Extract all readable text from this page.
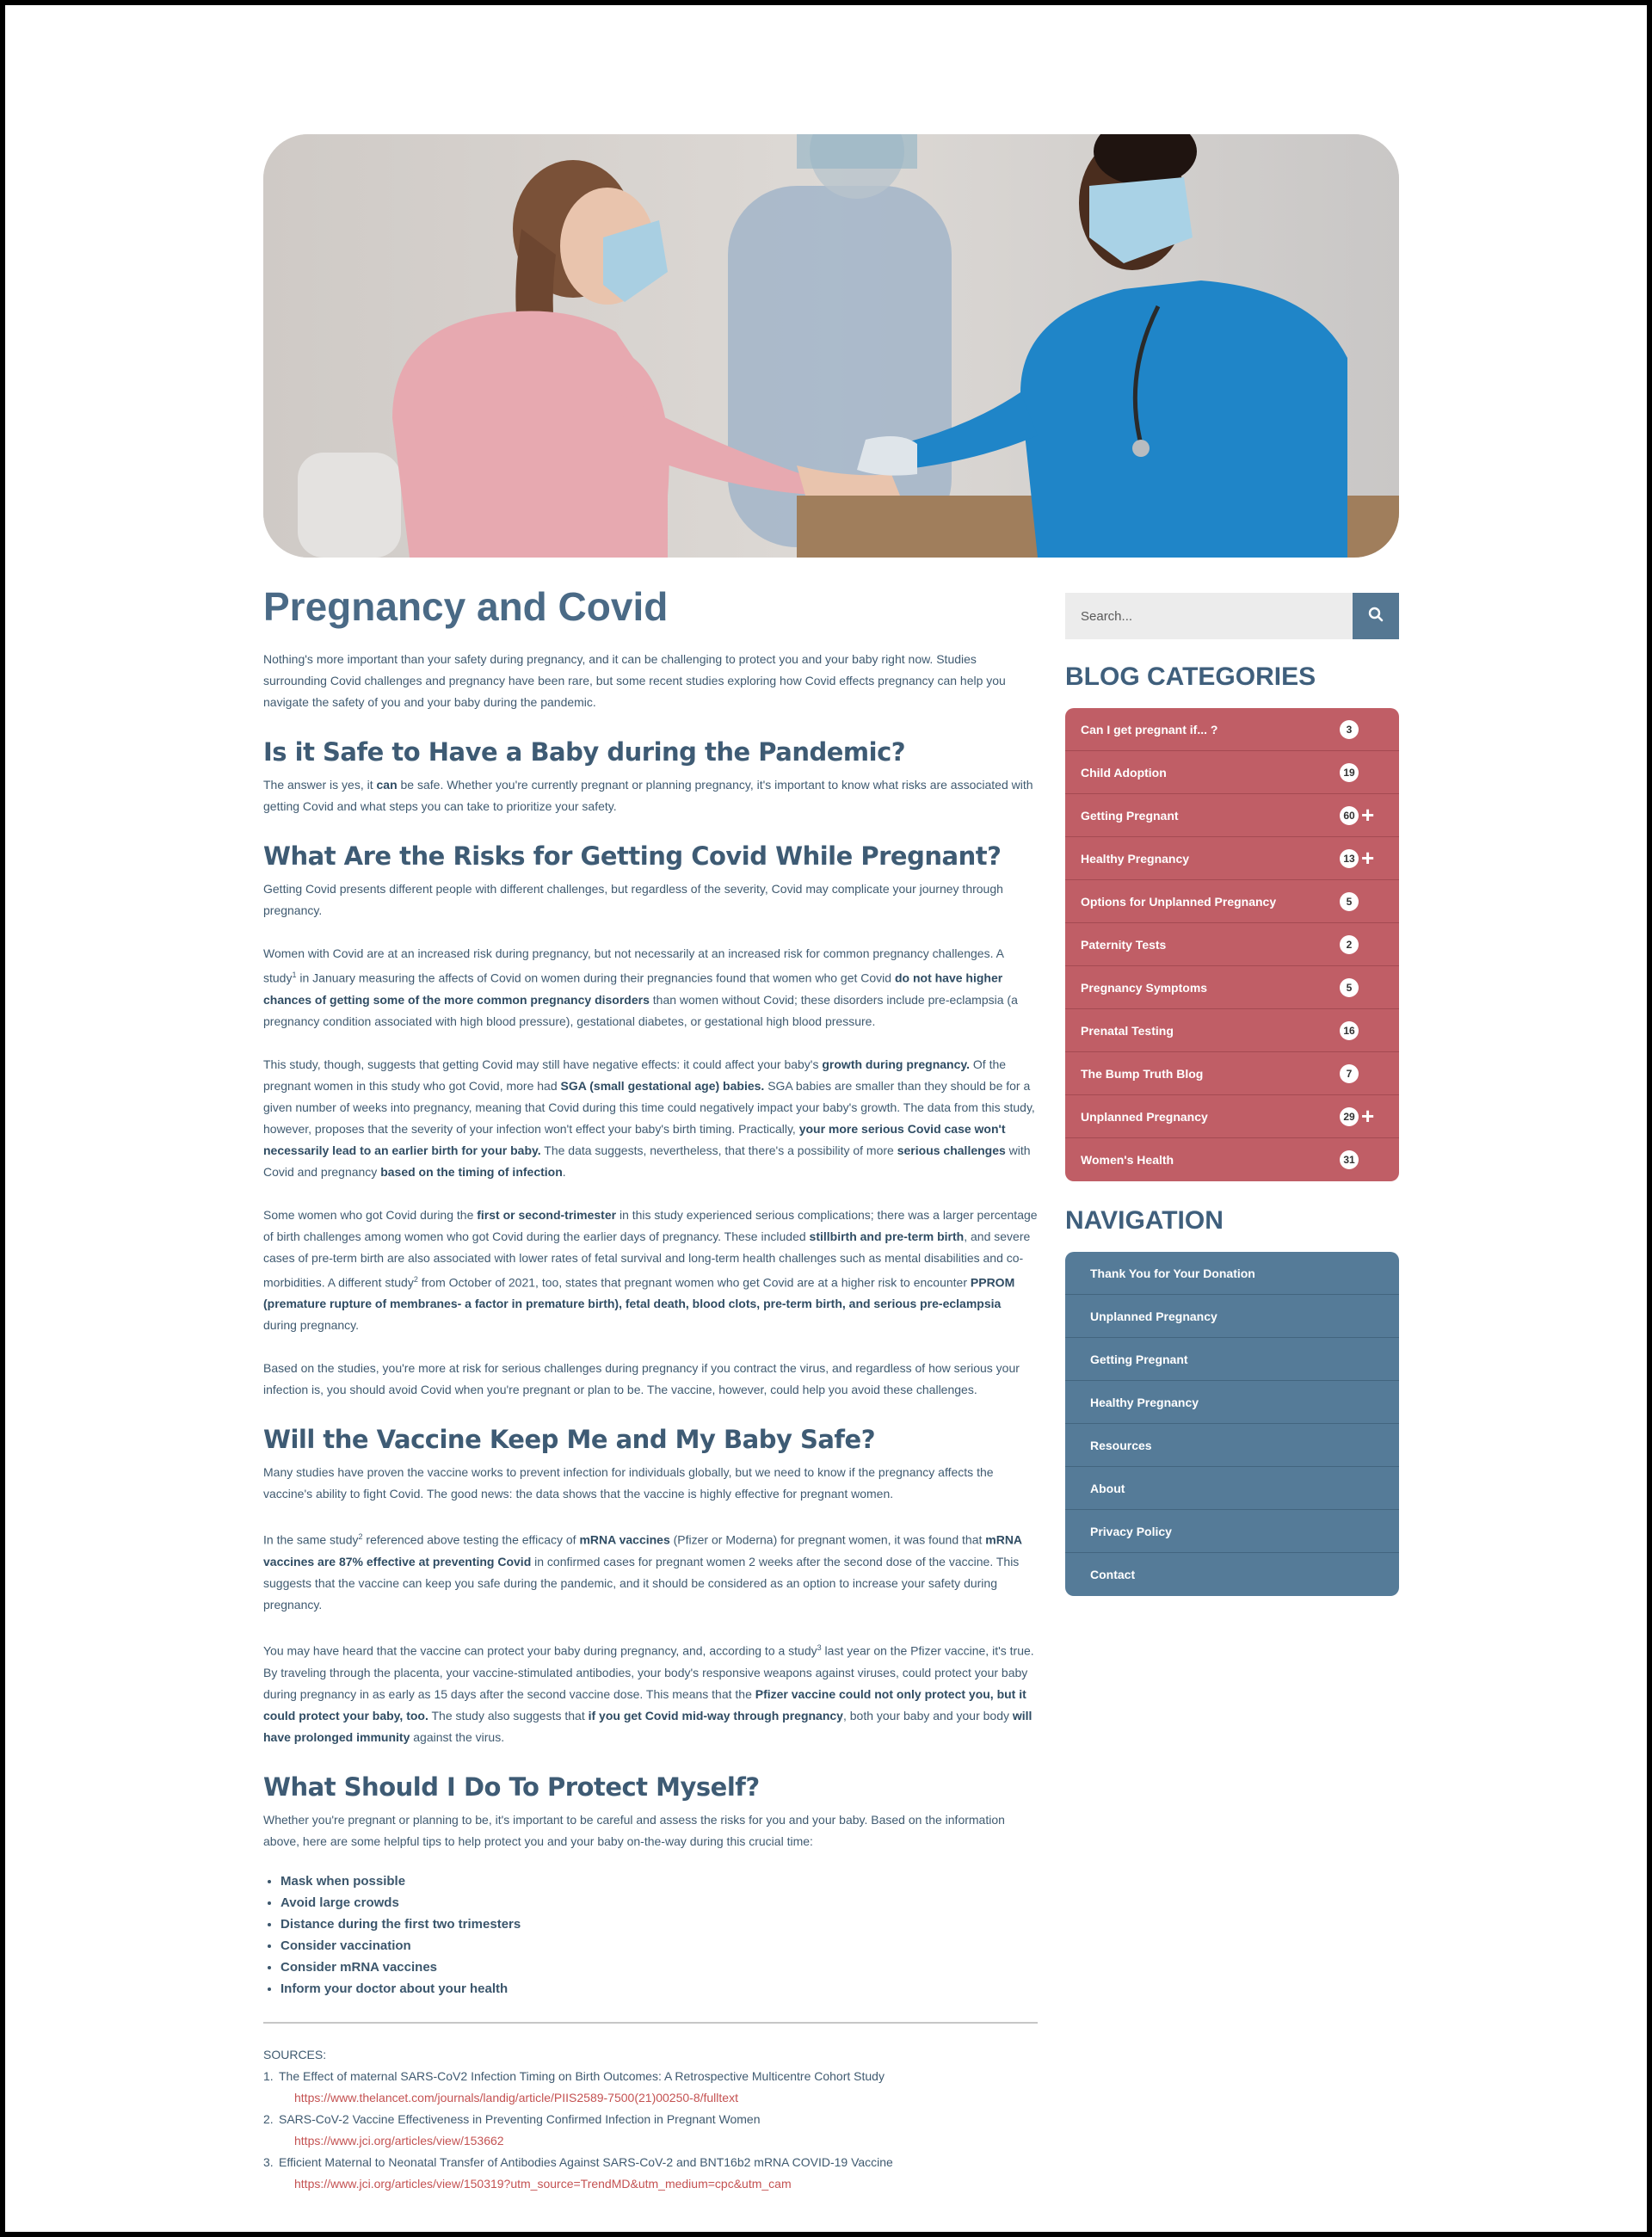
Pregnancy and Covid

Nothing's more important than your safety during pregnancy, and it can be challenging to protect you and your baby right now. Studies surrounding Covid challenges and pregnancy have been rare, but some recent studies exploring how Covid effects pregnancy can help you navigate the safety of you and your baby during the pandemic.

Is it Safe to Have a Baby during the Pandemic?

The answer is yes, it can be safe. Whether you're currently pregnant or planning pregnancy, it's important to know what risks are associated with getting Covid and what steps you can take to prioritize your safety.

What Are the Risks for Getting Covid While Pregnant?

Getting Covid presents different people with different challenges, but regardless of the severity, Covid may complicate your journey through pregnancy.

Women with Covid are at an increased risk during pregnancy, but not necessarily at an increased risk for common pregnancy challenges. A study$^1$ in January measuring the affects of Covid on women during their pregnancies found that women who get Covid do not have higher chances of getting some of the more common pregnancy disorders than women without Covid; these disorders include pre-eclampsia (a pregnancy condition associated with high blood pressure), gestational diabetes, or gestational high blood pressure.

This study, though, suggests that getting Covid may still have negative effects: it could affect your baby's growth during pregnancy. Of the pregnant women in this study who got Covid, more had SGA (small gestational age) babies. SGA babies are smaller than they should be for a given number of weeks into pregnancy, meaning that Covid during this time could negatively impact your baby's growth. The data from this study, however, proposes that the severity of your infection won't effect your baby's birth timing. Practically, your more serious Covid case won't necessarily lead to an earlier birth for your baby. The data suggests, nevertheless, that there's a possibility of more serious challenges with Covid and pregnancy based on the timing of infection.

Some women who got Covid during the first or second-trimester in this study experienced serious complications; there was a larger percentage of birth challenges among women who got Covid during the earlier days of pregnancy. These included stillbirth and pre-term birth, and severe cases of pre-term birth are also associated with lower rates of fetal survival and long-term health challenges such as mental disabilities and co-morbidities. A different study$^2$ from October of 2021, too, states that pregnant women who get Covid are at a higher risk to encounter PPROM (premature rupture of membranes- a factor in premature birth), fetal death, blood clots, pre-term birth, and serious pre-eclampsia during pregnancy.

Based on the studies, you're more at risk for serious challenges during pregnancy if you contract the virus, and regardless of how serious your infection is, you should avoid Covid when you're pregnant or plan to be. The vaccine, however, could help you avoid these challenges.

Will the Vaccine Keep Me and My Baby Safe?

Many studies have proven the vaccine works to prevent infection for individuals globally, but we need to know if the pregnancy affects the vaccine's ability to fight Covid. The good news: the data shows that the vaccine is highly effective for pregnant women.

In the same study$^2$ referenced above testing the efficacy of mRNA vaccines (Pfizer or Moderna) for pregnant women, it was found that mRNA vaccines are 87% effective at preventing Covid in confirmed cases for pregnant women 2 weeks after the second dose of the vaccine. This suggests that the vaccine can keep you safe during the pandemic, and it should be considered as an option to increase your safety during pregnancy.

You may have heard that the vaccine can protect your baby during pregnancy, and, according to a study$^3$ last year on the Pfizer vaccine, it's true. By traveling through the placenta, your vaccine-stimulated antibodies, your body's responsive weapons against viruses, could protect your baby during pregnancy in as early as 15 days after the second vaccine dose. This means that the Pfizer vaccine could not only protect you, but it could protect your baby, too. The study also suggests that if you get Covid mid-way through pregnancy, both your baby and your body will have prolonged immunity against the virus.

What Should I Do To Protect Myself?

Whether you're pregnant or planning to be, it's important to be careful and assess the risks for you and your baby. Based on the information above, here are some helpful tips to help protect you and your baby on-the-way during this crucial time:

• Mask when possible
• Avoid large crowds
• Distance during the first two trimesters
• Consider vaccination
• Consider mRNA vaccines
• Inform your doctor about your health
SOURCES:
1. The Effect of maternal SARS-CoV2 Infection Timing on Birth Outcomes: A Retrospective Multicentre Cohort Study
https://www.thelancet.com/journals/landig/article/PIIS2589-7500(21)00250-8/fulltext
2. SARS-CoV-2 Vaccine Effectiveness in Preventing Confirmed Infection in Pregnant Women
https://www.jci.org/articles/view/153662
3. Efficient Maternal to Neonatal Transfer of Antibodies Against SARS-CoV-2 and BNT16b2 mRNA COVID-19 Vaccine
https://www.jci.org/articles/view/150319?utm_source=TrendMD&utm_medium=cpc&utm_cam
Search...
BLOG CATEGORIES
Can I get pregnant if... ?	3
Child Adoption	19
Getting Pregnant	60 +
Healthy Pregnancy	13 +
Options for Unplanned Pregnancy	5
Paternity Tests	2
Pregnancy Symptoms	5
Prenatal Testing	16
The Bump Truth Blog	7
Unplanned Pregnancy	29 +
Women's Health	31
NAVIGATION
Thank You for Your Donation
Unplanned Pregnancy
Getting Pregnant
Healthy Pregnancy
Resources
About
Privacy Policy
Contact
